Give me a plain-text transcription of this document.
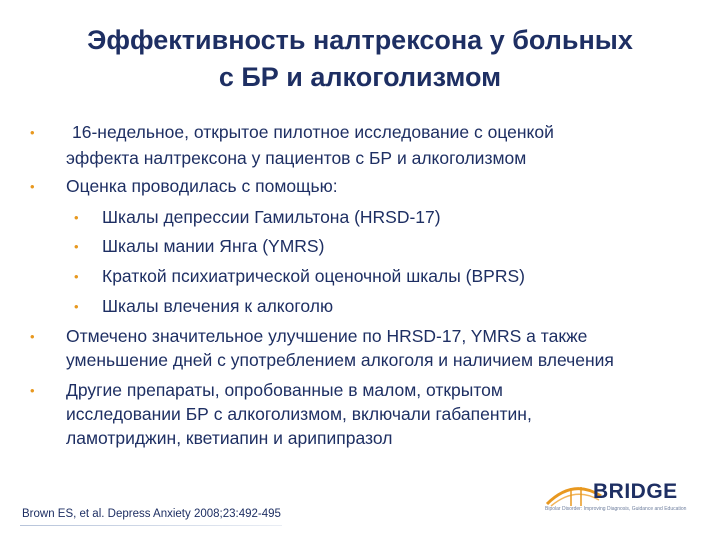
Эффективность налтрексона у больных
с БР и алкоголизмом
• 16-недельное, открытое пилотное исследование с оценкой
эффекта налтрексона у пациентов с БР и алкоголизмом
• Оценка проводилась с помощью:
• Шкалы депрессии Гамильтона (HRSD-17)
• Шкалы мании Янга (YMRS)
• Краткой психиатрической оценочной шкалы (BPRS)
• Шкалы влечения к алкоголю
• Отмечено значительное улучшение по HRSD-17, YMRS а также
уменьшение дней с употреблением алкоголя и наличием влечения
• Другие препараты, опробованные в малом, открытом
исследовании БР с алкоголизмом, включали габапентин,
ламотриджин, кветиапин и арипипразол
Brown ES, et al. Depress Anxiety 2008;23:492-495
BRIDGE
Bipolar Disorder: Improving Diagnosis, Guidance and Education
